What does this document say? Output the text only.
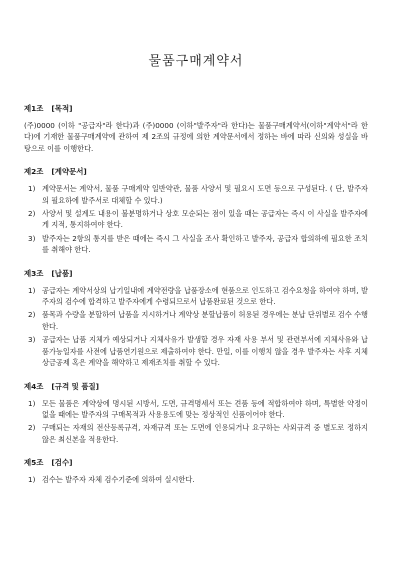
물품구매계약서
제1조 [목적]
(주)0000 (이하 "공급자"라 한다)과 (주)0000 (이하"발주자"라 한다)는 물품구매계약서(이하"계약서"라 한다)에 기재한 물품구매계약에 관하여 제 2조의 규정에 의한 계약문서에서 정하는 바에 따라 신의와 성실을 바탕으로 이를 이행한다.
제2조 [계약문서]
1) 계약문서는 계약서, 물품 구매계약 일반약관, 물품 사양서 및 필요시 도면 등으로 구성된다. ( 단, 발주자의 필요하에 발주서로 대체할 수 있다.)
2) 사양서 및 설계도 내용이 불분명하거나 상호 모순되는 점이 있을 때는 공급자는 즉시 이 사실을 발주자에게 지적, 통지하여야 한다.
3) 발주자는 2항의 통지를 받은 때에는 즉시 그 사실을 조사 확인하고 발주자, 공급자 합의하에 필요한 조치를 취해야 한다.
제3조 [납품]
1) 공급자는 계약서상의 납기일내에 계약전량을 납품장소에 현품으로 인도하고 검수요청을 하여야 하며, 발주자의 검수에 합격하고 발주자에게 수령되므로서 납품완료된 것으로 한다.
2) 품목과 수량을 분할하여 납품을 지시하거나 계약상 분할납품이 허용된 경우에는 분납 단위별로 검수 수행한다.
3) 공급자는 납품 지체가 예상되거나 지체사유가 발생할 경우 자재 사용 부서 및 관련부서에 지체사유와 납품가능일자를 사전에 납품연기원으로 제출하여야 한다. 만일, 이를 이행치 않을 경우 발주자는 사후 지체상금공제 혹은 계약을 해약하고 제재조치를 취할 수 있다.
제4조 [규격 및 품질]
1) 모든 물품은 계약상에 명시된 시방서, 도면, 규격명세서 또는 견품 등에 적합하여야 하며, 특별한 약정이 없을 때에는 발주자의 구매목적과 사용용도에 맞는 정상적인 신품이어야 한다.
2) 구매되는 자재의 전산등록규격, 자재규격 또는 도면에 인용되거나 요구하는 사외규격 중 별도로 정하지 않은 최신본을 적용한다.
제5조 [검수]
1) 검수는 발주자 자체 검수기준에 의하여 실시한다.
